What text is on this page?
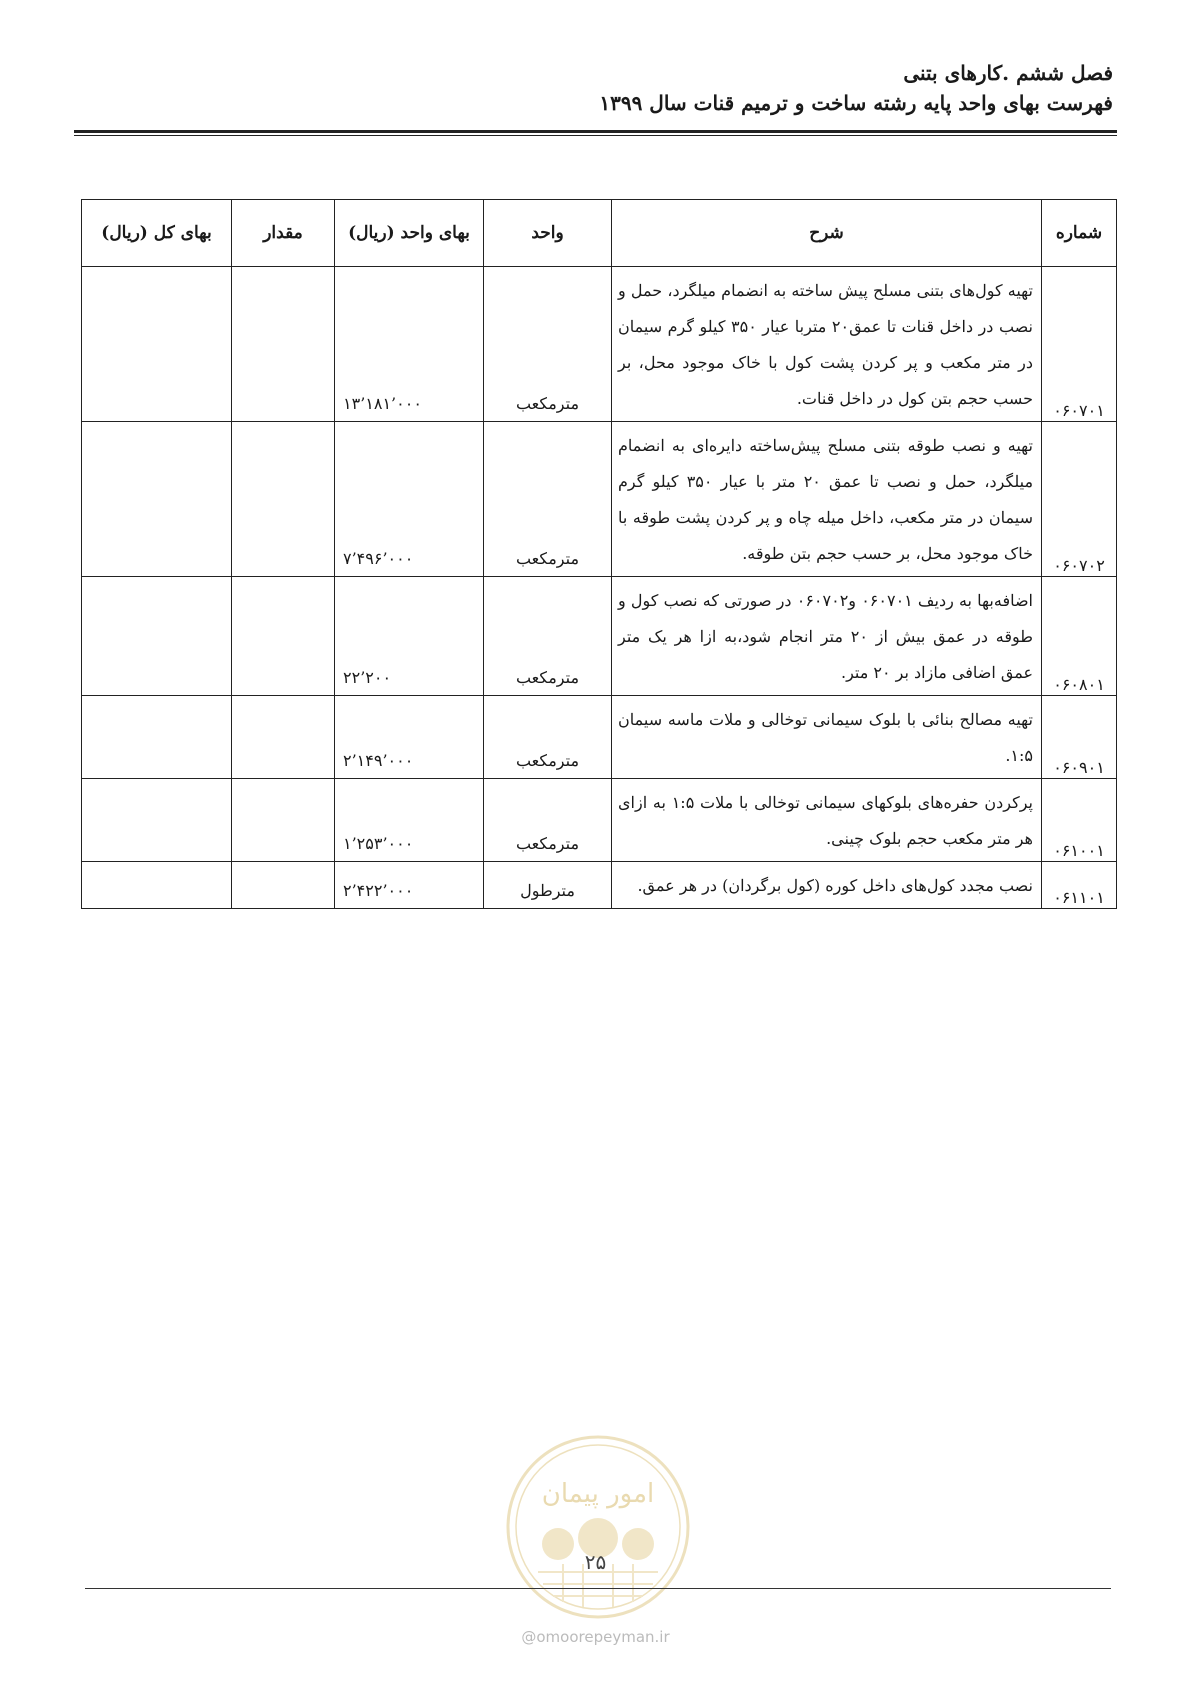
فصل ششم .کارهای بتنی
فهرست بهای واحد پایه رشته ساخت و ترمیم قنات سال ۱۳۹۹
شماره	شرح	واحد	بهای واحد (ریال)	مقدار	بهای کل (ریال)
۰۶۰۷۰۱	تهیه کول‌های بتنی مسلح پیش ساخته به انضمام میلگرد، حمل و نصب در داخل قنات تا عمق۲۰ متربا عیار ۳۵۰ کیلو گرم سیمان در متر مکعب و پر کردن پشت کول با خاک موجود محل، بر حسب حجم بتن کول در داخل قنات.	مترمکعب	۱۳’۱۸۱’۰۰۰		
۰۶۰۷۰۲	تهیه و نصب طوقه بتنی مسلح پیش‌ساخته دایره‌ای به انضمام میلگرد، حمل و نصب تا عمق ۲۰ متر با عیار ۳۵۰ کیلو گرم سیمان در متر مکعب، داخل میله چاه و پر کردن پشت طوقه با خاک موجود محل، بر حسب حجم بتن طوقه.	مترمکعب	۷’۴۹۶’۰۰۰		
۰۶۰۸۰۱	اضافه‌بها به ردیف ۰۶۰۷۰۱ و۰۶۰۷۰۲ در صورتی که نصب کول و طوقه در عمق بیش از ۲۰ متر انجام شود،به ازا هر یک متر عمق اضافی مازاد بر ۲۰ متر.	مترمکعب	۲۲’۲۰۰		
۰۶۰۹۰۱	تهیه مصالح بنائی با بلوک سیمانی توخالی و ملات ماسه سیمان ۱:۵.	مترمکعب	۲’۱۴۹’۰۰۰		
۰۶۱۰۰۱	پرکردن حفره‌های بلوکهای سیمانی توخالی با ملات ۱:۵ به ازای هر متر مکعب حجم بلوک چینی.	مترمکعب	۱’۲۵۳’۰۰۰		
۰۶۱۱۰۱	نصب مجدد کول‌های داخل کوره (کول برگردان) در هر عمق.	مترطول	۲’۴۲۲’۰۰۰		
امور پیمان
۲۵
@omoorepeyman.ir
